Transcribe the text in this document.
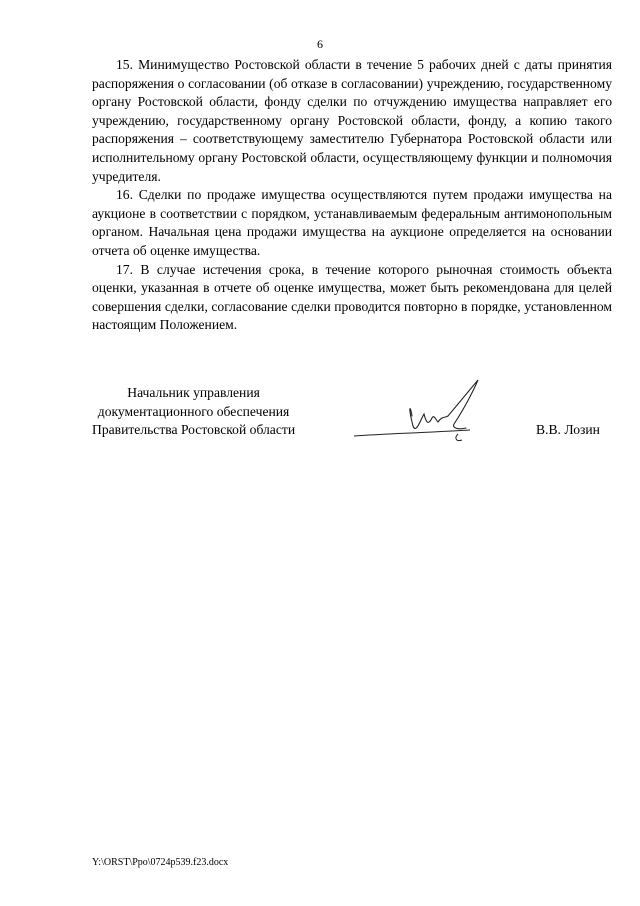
6

15. Минимущество Ростовской области в течение 5 рабочих дней с даты принятия распоряжения о согласовании (об отказе в согласовании) учреждению, государственному органу Ростовской области, фонду сделки по отчуждению имущества направляет его учреждению, государственному органу Ростовской области, фонду, а копию такого распоряжения – соответствующему заместителю Губернатора Ростовской области или исполнительному органу Ростовской области, осуществляющему функции и полномочия учредителя.

16. Сделки по продаже имущества осуществляются путем продажи имущества на аукционе в соответствии с порядком, устанавливаемым федеральным антимонопольным органом. Начальная цена продажи имущества на аукционе определяется на основании отчета об оценке имущества.

17. В случае истечения срока, в течение которого рыночная стоимость объекта оценки, указанная в отчете об оценке имущества, может быть рекомендована для целей совершения сделки, согласование сделки проводится повторно в порядке, установленном настоящим Положением.

Начальник управления
документационного обеспечения
Правительства Ростовской области	В.В. Лозин
Y:\ORST\Ppo\0724p539.f23.docx
